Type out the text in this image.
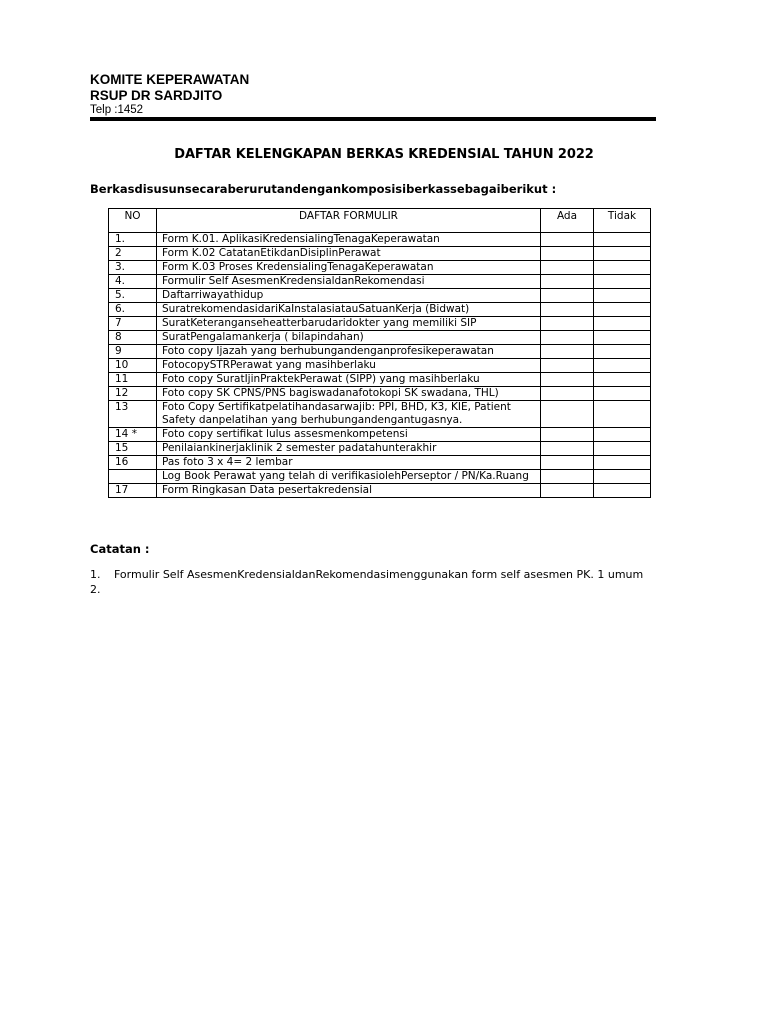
KOMITE KEPERAWATAN
RSUP DR SARDJITO
Telp :1452
DAFTAR KELENGKAPAN BERKAS KREDENSIAL TAHUN 2022
Berkasdisusunsecaraberurutandengankomposisiberkassebagaiberikut :
NO	DAFTAR FORMULIR	Ada	Tidak
1.	Form K.01. AplikasiKredensialingTenagaKeperawatan		
2	Form K.02 CatatanEtikdanDisiplinPerawat		
3.	Form K.03 Proses KredensialingTenagaKeperawatan		
4.	Formulir Self AsesmenKredensialdanRekomendasi		
5.	Daftarriwayathidup		
6.	SuratrekomendasidariKaInstalasiatauSatuanKerja (Bidwat)		
7	SuratKeteranganseheatterbarudaridokter yang memiliki SIP		
8	SuratPengalamankerja ( bilapindahan)		
9	Foto copy Ijazah yang berhubungandenganprofesikeperawatan		
10	FotocopySTRPerawat yang masihberlaku		
11	Foto copy SuratIjinPraktekPerawat (SIPP) yang masihberlaku		
12	Foto copy SK CPNS/PNS bagiswadanafotokopi SK swadana, THL)		
13	Foto Copy Sertifikatpelatihandasarwajib: PPI, BHD, K3, KIE, Patient Safety danpelatihan yang berhubungandengantugasnya.		
14 *	Foto copy sertifikat lulus assesmenkompetensi		
15	Penilaiankinerjaklinik 2 semester padatahunterakhir		
16	Pas foto 3 x 4= 2 lembar		
	Log Book Perawat yang telah di verifikasiolehPerseptor / PN/Ka.Ruang		
17	Form Ringkasan Data pesertakredensial		
Catatan :
1. Formulir Self AsesmenKredensialdanRekomendasimenggunakan form self asesmen PK. 1 umum
2.
